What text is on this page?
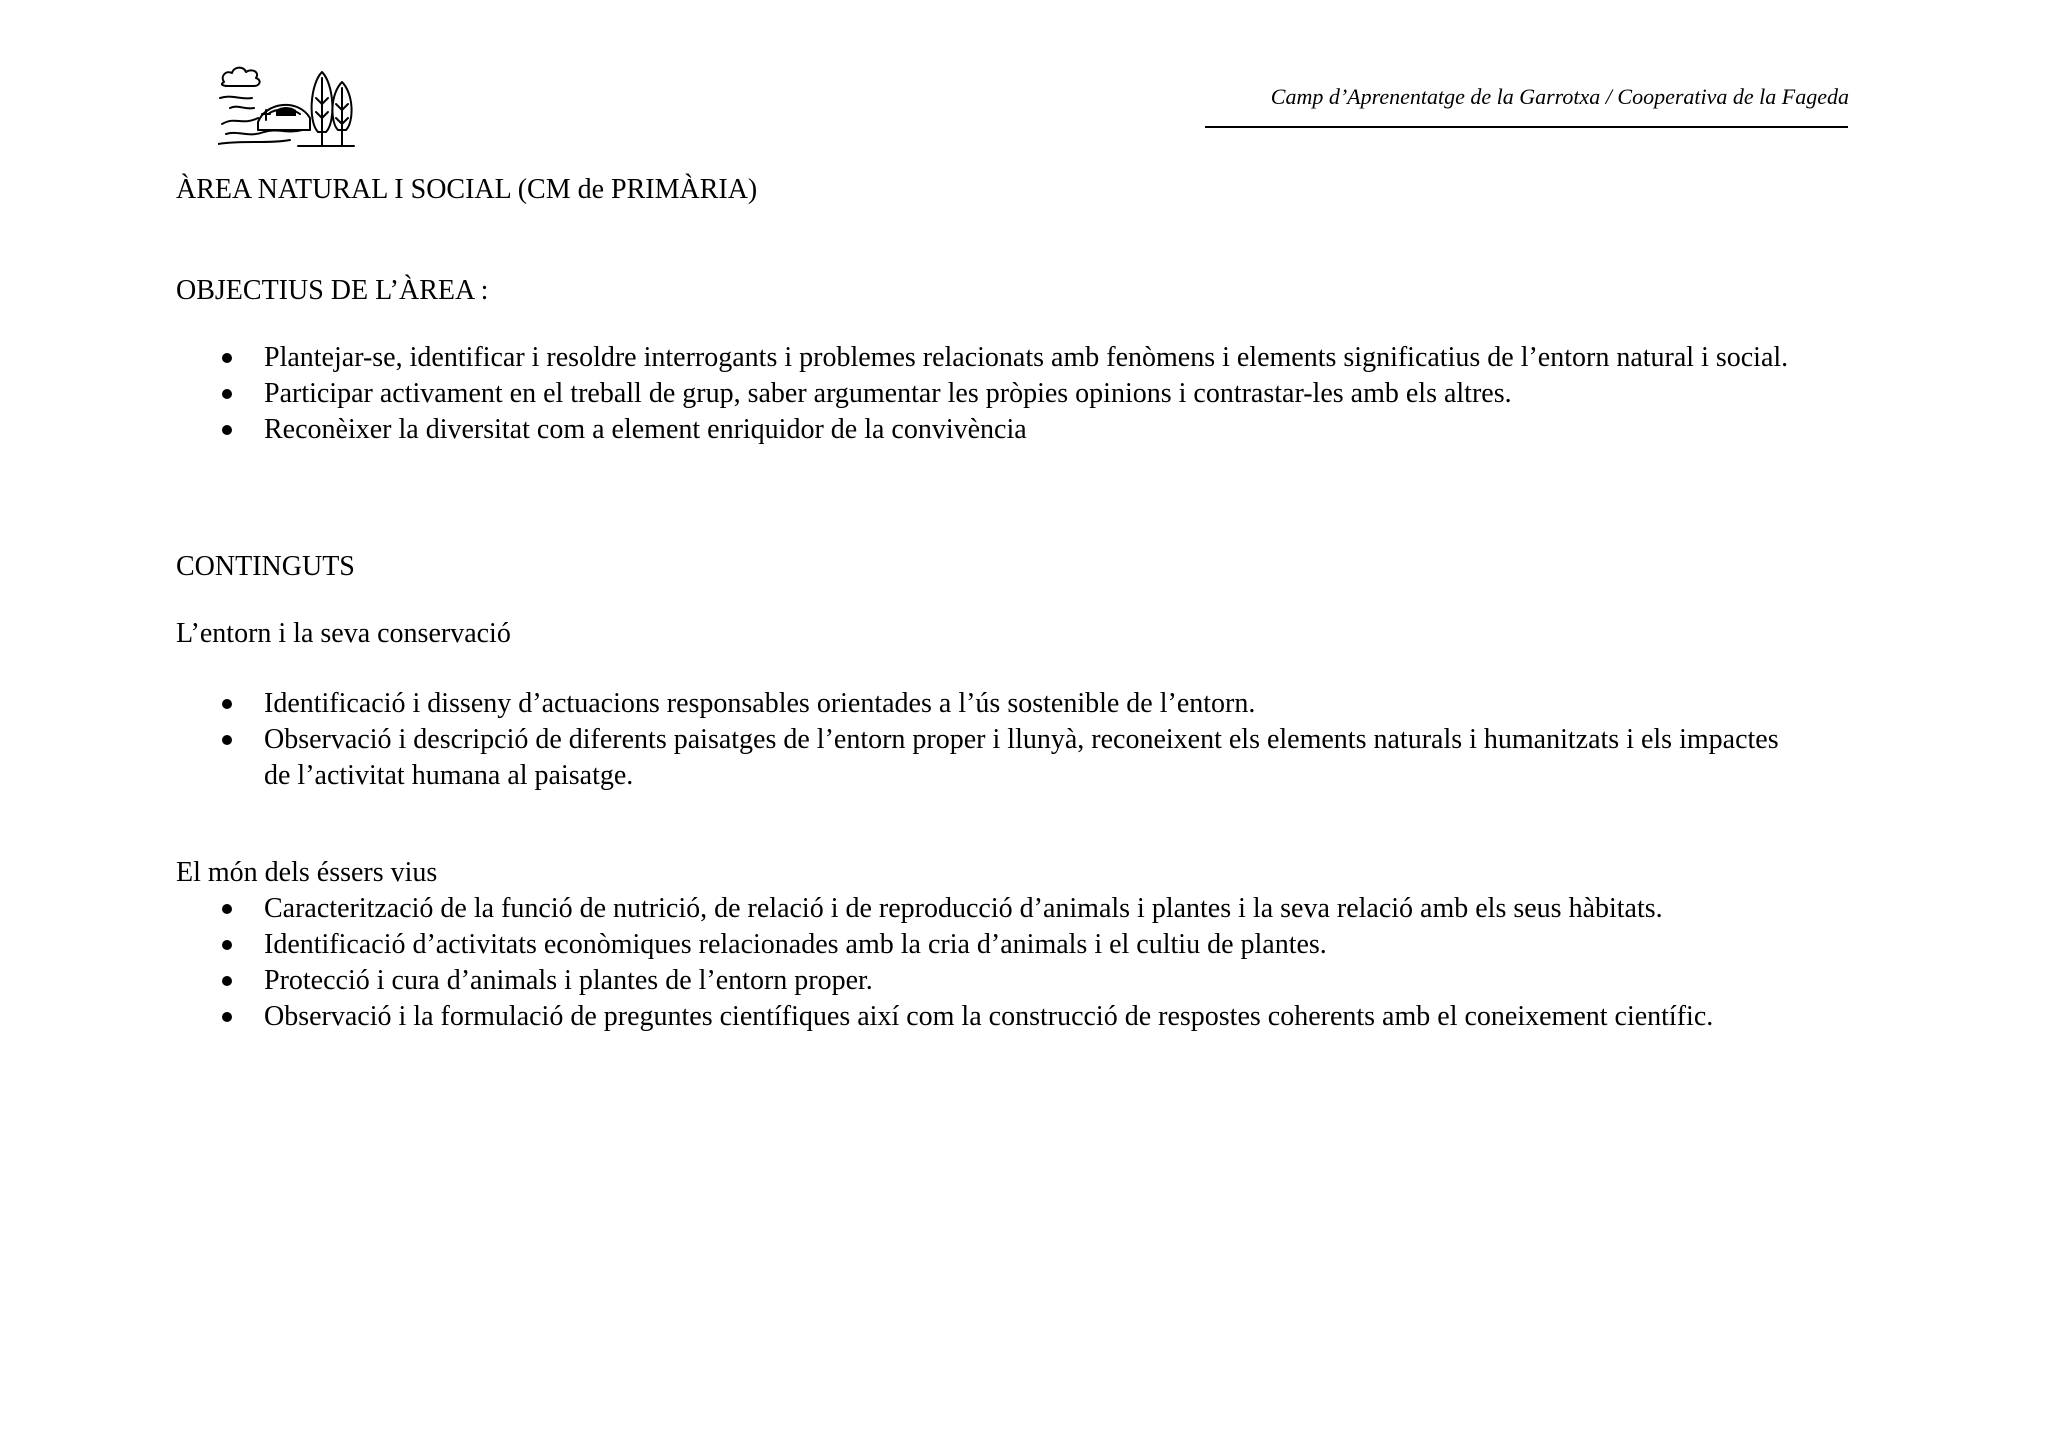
Camp d’Aprenentatge de la Garrotxa / Cooperativa de la Fageda
ÀREA NATURAL I SOCIAL (CM de PRIMÀRIA)
OBJECTIUS DE L’ÀREA :
Plantejar-se, identificar i resoldre interrogants i problemes relacionats amb fenòmens i elements significatius de l’entorn natural i social.
Participar activament en el treball de grup, saber argumentar les pròpies opinions i contrastar-les amb els altres.
Reconèixer la diversitat com a element enriquidor de la convivència
CONTINGUTS
L’entorn i la seva conservació
Identificació i disseny d’actuacions responsables orientades a l’ús sostenible de l’entorn.
Observació i descripció de diferents paisatges de l’entorn proper i llunyà, reconeixent els elements naturals i humanitzats i els impactes
de l’activitat humana al paisatge.
El món dels éssers vius
Caracterització de la funció de nutrició, de relació i de reproducció d’animals i plantes i la seva relació amb els seus hàbitats.
Identificació d’activitats econòmiques relacionades amb la cria d’animals i el cultiu de plantes.
Protecció i cura d’animals i plantes de l’entorn proper.
Observació i la formulació de preguntes científiques així com la construcció de respostes coherents amb el coneixement científic.
